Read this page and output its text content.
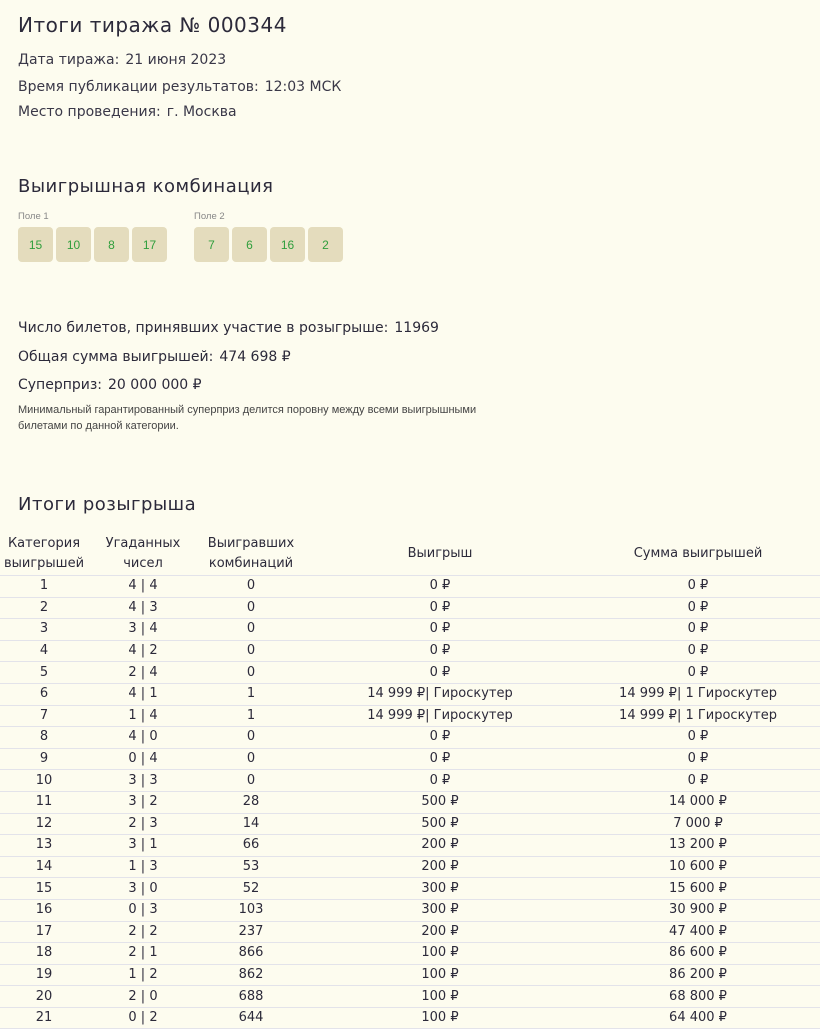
Итоги тиража № 000344
Дата тиража: 21 июня 2023
Время публикации результатов: 12:03 МСК
Место проведения: г. Москва
Выигрышная комбинация
Поле 1
15	10	8	17
Поле 2
7	6	16	2
Число билетов, принявших участие в розыгрыше: 11969
Общая сумма выигрышей: 474 698 ₽
Суперприз: 20 000 000 ₽
Минимальный гарантированный суперприз делится поровну между всеми выигрышными билетами по данной категории.
Итоги розыгрыша
Категория выигрышей	Угаданных чисел	Выигравших комбинаций	Выигрыш	Сумма выигрышей
1	4 | 4	0	0 ₽	0 ₽
2	4 | 3	0	0 ₽	0 ₽
3	3 | 4	0	0 ₽	0 ₽
4	4 | 2	0	0 ₽	0 ₽
5	2 | 4	0	0 ₽	0 ₽
6	4 | 1	1	14 999 ₽| Гироскутер	14 999 ₽| 1 Гироскутер
7	1 | 4	1	14 999 ₽| Гироскутер	14 999 ₽| 1 Гироскутер
8	4 | 0	0	0 ₽	0 ₽
9	0 | 4	0	0 ₽	0 ₽
10	3 | 3	0	0 ₽	0 ₽
11	3 | 2	28	500 ₽	14 000 ₽
12	2 | 3	14	500 ₽	7 000 ₽
13	3 | 1	66	200 ₽	13 200 ₽
14	1 | 3	53	200 ₽	10 600 ₽
15	3 | 0	52	300 ₽	15 600 ₽
16	0 | 3	103	300 ₽	30 900 ₽
17	2 | 2	237	200 ₽	47 400 ₽
18	2 | 1	866	100 ₽	86 600 ₽
19	1 | 2	862	100 ₽	86 200 ₽
20	2 | 0	688	100 ₽	68 800 ₽
21	0 | 2	644	100 ₽	64 400 ₽
